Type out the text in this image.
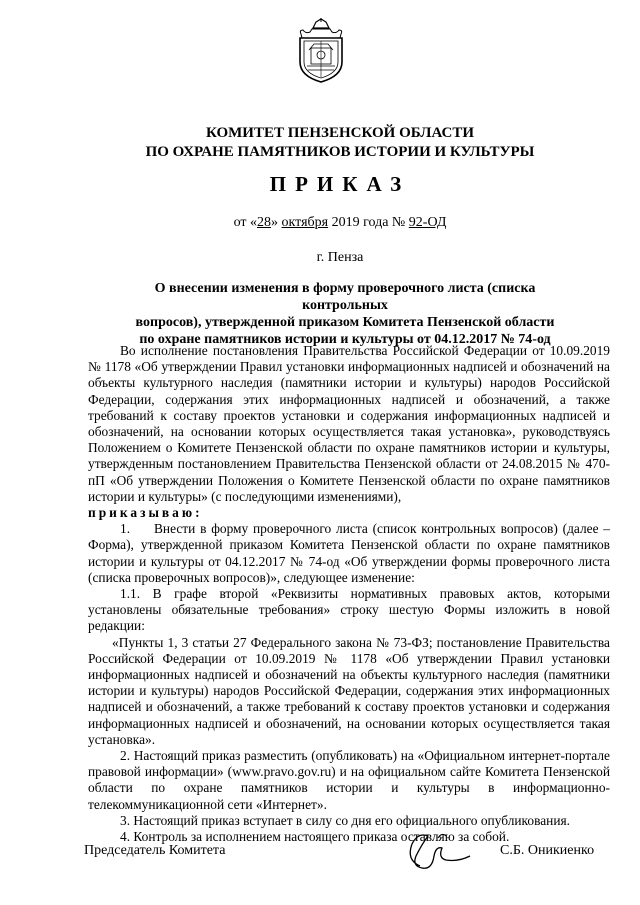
КОМИТЕТ ПЕНЗЕНСКОЙ ОБЛАСТИ
ПО ОХРАНЕ ПАМЯТНИКОВ ИСТОРИИ И КУЛЬТУРЫ
ПРИКАЗ
от «28» октября 2019 года № 92-ОД
г. Пенза
О внесении изменения в форму проверочного листа (списка контрольных
вопросов), утвержденной приказом Комитета Пензенской области
по охране памятников истории и культуры от 04.12.2017 № 74-од

Во исполнение постановления Правительства Российской Федерации от 10.09.2019 № 1178 «Об утверждении Правил установки информационных надписей и обозначений на объекты культурного наследия (памятники истории и культуры) народов Российской Федерации, содержания этих информационных надписей и обозначений, а также требований к составу проектов установки и содержания информационных надписей и обозначений, на основании которых осуществляется такая установка», руководствуясь Положением о Комитете Пензенской области по охране памятников истории и культуры, утвержденным постановлением Правительства Пензенской области от 24.08.2015 № 470-пП «Об утверждении Положения о Комитете Пензенской области по охране памятников истории и культуры» (с последующими изменениями),

приказываю:

1.     Внести в форму проверочного листа (список контрольных вопросов) (далее – Форма), утвержденной приказом Комитета Пензенской области по охране памятников истории и культуры от 04.12.2017 № 74-од «Об утверждении формы проверочного листа (списка проверочных вопросов)», следующее изменение:

1.1. В графе второй «Реквизиты нормативных правовых актов, которыми установлены обязательные требования» строку шестую Формы изложить в новой редакции:

«Пункты 1, 3 статьи 27 Федерального закона № 73-ФЗ; постановление Правительства Российской Федерации от 10.09.2019 № 1178 «Об утверждении Правил установки информационных надписей и обозначений на объекты культурного наследия (памятники истории и культуры) народов Российской Федерации, содержания этих информационных надписей и обозначений, а также требований к составу проектов установки и содержания информационных надписей и обозначений, на основании которых осуществляется такая установка».

2. Настоящий приказ разместить (опубликовать) на «Официальном интернет-портале правовой информации» (www.pravo.gov.ru) и на официальном сайте Комитета Пензенской области по охране памятников истории и культуры в информационно-телекоммуникационной сети «Интернет».

3. Настоящий приказ вступает в силу со дня его официального опубликования.

4. Контроль за исполнением настоящего приказа оставляю за собой.

Председатель Комитета	С.Б. Оникиенко
